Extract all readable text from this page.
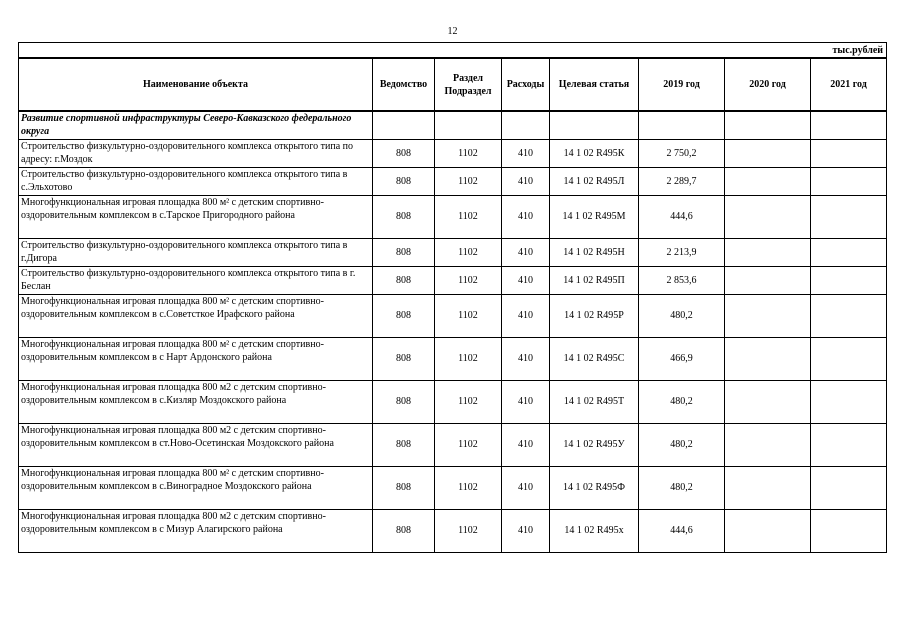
12
тыс.рублей							
Наименование объекта	Ведомство	Раздел Подраздел	Расходы	Целевая статья	2019 год	2020 год	2021 год
Развитие спортивной инфраструктуры Северо-Кавказского федерального округа							
Строительство физкультурно-оздоровительного комплекса открытого типа по адресу: г.Моздок	808	1102	410	14 1 02 R495К	2 750,2		
Строительство физкультурно-оздоровительного комплекса открытого типа в с.Эльхотово	808	1102	410	14 1 02 R495Л	2 289,7		
Многофункциональная игровая площадка 800 м² с детским спортивно-оздоровительным комплексом в с.Тарское Пригородного района	808	1102	410	14 1 02 R495М	444,6		
Строительство физкультурно-оздоровительного комплекса открытого типа в г.Дигора	808	1102	410	14 1 02 R495Н	2 213,9		
Строительство физкультурно-оздоровительного комплекса открытого типа в г. Беслан	808	1102	410	14 1 02 R495П	2 853,6		
Многофункциональная игровая площадка 800 м² с детским спортивно-оздоровительным комплексом в с.Советсткое Ирафского района	808	1102	410	14 1 02 R495Р	480,2		
Многофункциональная игровая площадка 800 м² с детским спортивно-оздоровительным комплексом в с Нарт Ардонского района	808	1102	410	14 1 02 R495С	466,9		
Многофункциональная игровая площадка 800 м2 с детским спортивно-оздоровительным комплексом в с.Кизляр Моздокского района	808	1102	410	14 1 02 R495Т	480,2		
Многофункциональная игровая площадка 800 м2 с детским спортивно-оздоровительным комплексом в ст.Ново-Осетинская Моздокского района	808	1102	410	14 1 02 R495У	480,2		
Многофункциональная игровая площадка 800 м² с детским спортивно-оздоровительным комплексом в с.Виноградное Моздокского района	808	1102	410	14 1 02 R495Ф	480,2		
Многофункциональная игровая площадка 800 м2 с детским спортивно-оздоровительным комплексом в с Мизур Алагирского района	808	1102	410	14 1 02 R495х	444,6		
